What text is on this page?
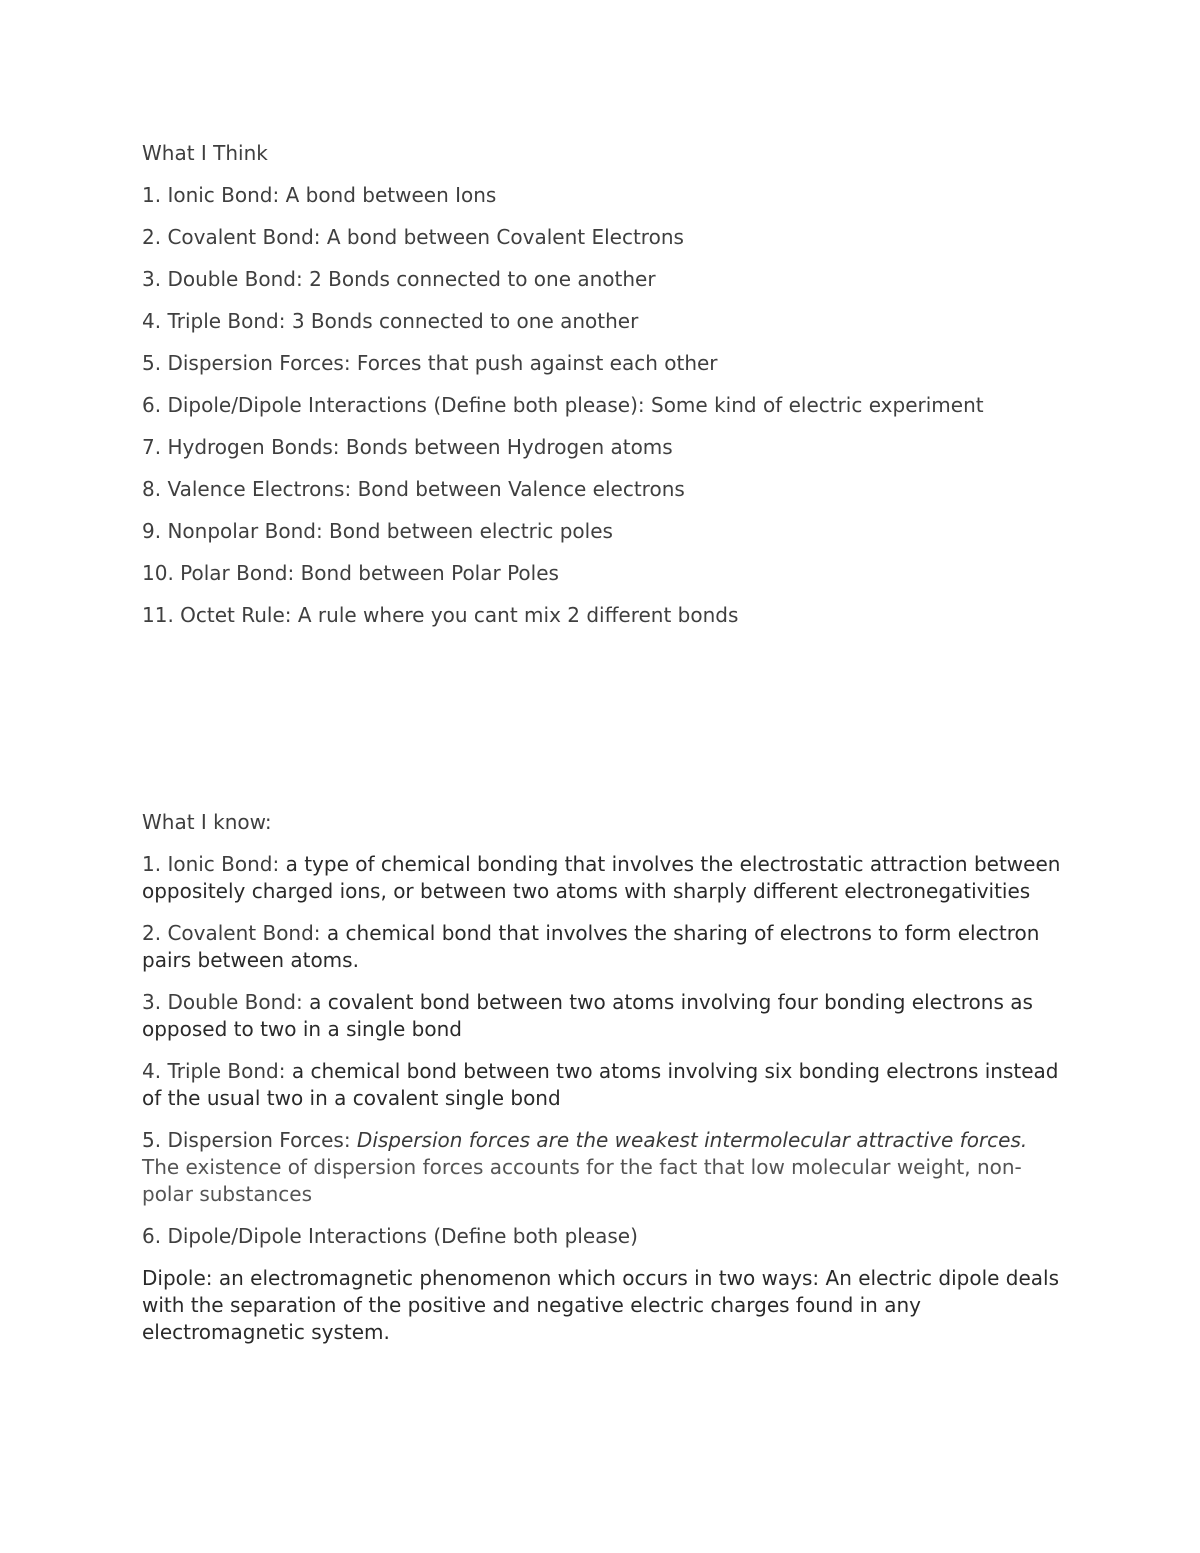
What I Think

1. Ionic Bond: A bond between Ions

2. Covalent Bond: A bond between Covalent Electrons

3. Double Bond: 2 Bonds connected to one another

4. Triple Bond: 3 Bonds connected to one another

5. Dispersion Forces: Forces that push against each other

6. Dipole/Dipole Interactions (Define both please): Some kind of electric experiment

7. Hydrogen Bonds: Bonds between Hydrogen atoms

8. Valence Electrons: Bond between Valence electrons

9. Nonpolar Bond: Bond between electric poles

10. Polar Bond: Bond between Polar Poles

11. Octet Rule: A rule where you cant mix 2 different bonds

What I know:

1. Ionic Bond: a type of chemical bonding that involves the electrostatic attraction between oppositely charged ions, or between two atoms with sharply different electronegativities

2. Covalent Bond: a chemical bond that involves the sharing of electrons to form electron pairs between atoms.

3. Double Bond: a covalent bond between two atoms involving four bonding electrons as opposed to two in a single bond

4. Triple Bond: a chemical bond between two atoms involving six bonding electrons instead of the usual two in a covalent single bond

5. Dispersion Forces: Dispersion forces are the weakest intermolecular attractive forces. The existence of dispersion forces accounts for the fact that low molecular weight, non-polar substances

6. Dipole/Dipole Interactions (Define both please)

Dipole: an electromagnetic phenomenon which occurs in two ways: An electric dipole deals with the separation of the positive and negative electric charges found in any electromagnetic system.
